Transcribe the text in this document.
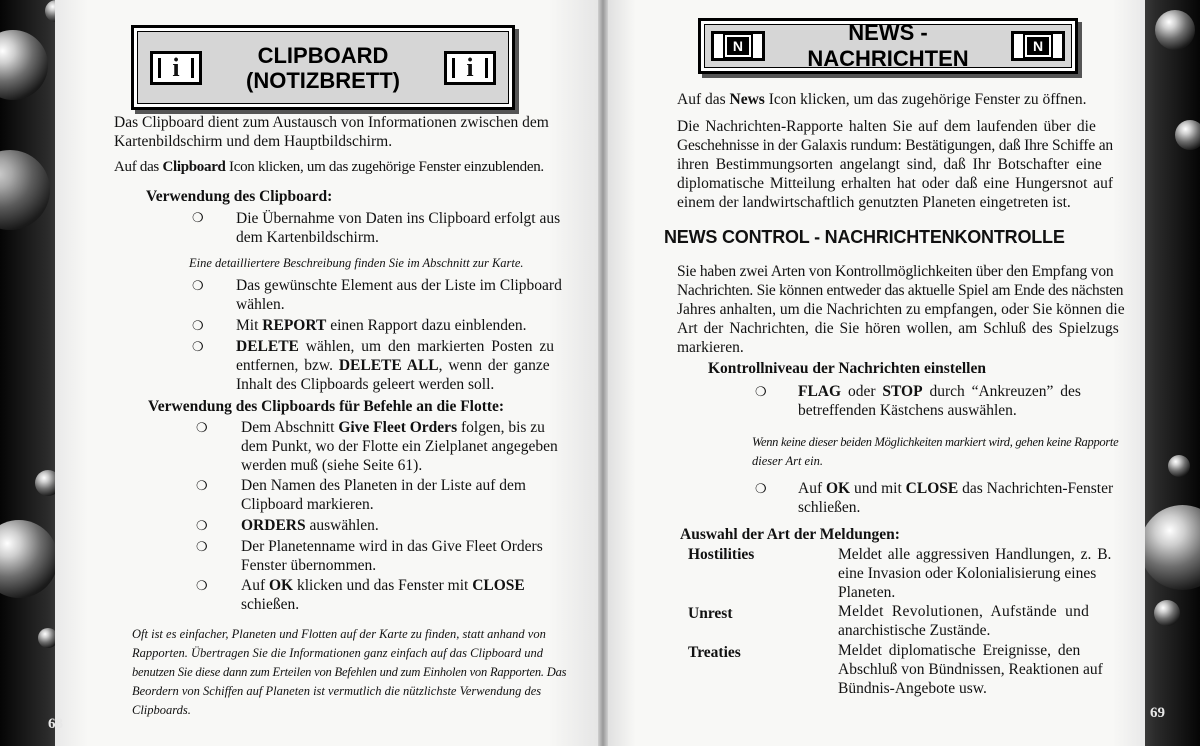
i	CLIPBOARD
(NOTIZBRETT)	i
Das Clipboard dient zum Austausch von Informationen zwischen dem
Kartenbildschirm und dem Hauptbildschirm.
Auf das Clipboard Icon klicken, um das zugehörige Fenster einzublenden.
Verwendung des Clipboard:
❍ Die Übernahme von Daten ins Clipboard erfolgt aus
dem Kartenbildschirm.
Eine detailliertere Beschreibung finden Sie im Abschnitt zur Karte.
❍ Das gewünschte Element aus der Liste im Clipboard
wählen.
❍ Mit REPORT einen Rapport dazu einblenden.
❍ DELETE wählen, um den markierten Posten zu
entfernen, bzw. DELETE ALL, wenn der ganze
Inhalt des Clipboards geleert werden soll.
Verwendung des Clipboards für Befehle an die Flotte:
❍ Dem Abschnitt Give Fleet Orders folgen, bis zu
dem Punkt, wo der Flotte ein Zielplanet angegeben
werden muß (siehe Seite 61).
❍ Den Namen des Planeten in der Liste auf dem
Clipboard markieren.
❍ ORDERS auswählen.
❍ Der Planetenname wird in das Give Fleet Orders
Fenster übernommen.
❍ Auf OK klicken und das Fenster mit CLOSE
schießen.
Oft ist es einfacher, Planeten und Flotten auf der Karte zu finden, statt anhand von
Rapporten. Übertragen Sie die Informationen ganz einfach auf das Clipboard und
benutzen Sie diese dann zum Erteilen von Befehlen und zum Einholen von Rapporten. Das
Beordern von Schiffen auf Planeten ist vermutlich die nützlichste Verwendung des
Clipboards.
68
N
NEWS - NACHRICHTEN	N
Auf das News Icon klicken, um das zugehörige Fenster zu öffnen.
Die Nachrichten-Rapporte halten Sie auf dem laufenden über die
Geschehnisse in der Galaxis rundum: Bestätigungen, daß Ihre Schiffe an
ihren Bestimmungsorten angelangt sind, daß Ihr Botschafter eine
diplomatische Mitteilung erhalten hat oder daß eine Hungersnot auf
einem der landwirtschaftlich genutzten Planeten eingetreten ist.
NEWS CONTROL - NACHRICHTENKONTROLLE
Sie haben zwei Arten von Kontrollmöglichkeiten über den Empfang von
Nachrichten. Sie können entweder das aktuelle Spiel am Ende des nächsten
Jahres anhalten, um die Nachrichten zu empfangen, oder Sie können die
Art der Nachrichten, die Sie hören wollen, am Schluß des Spielzugs
markieren.
Kontrollniveau der Nachrichten einstellen
❍ FLAG oder STOP durch “Ankreuzen” des
betreffenden Kästchens auswählen.
Wenn keine dieser beiden Möglichkeiten markiert wird, gehen keine Rapporte
dieser Art ein.
❍ Auf OK und mit CLOSE das Nachrichten-Fenster
schließen.
Auswahl der Art der Meldungen:
Hostilities	Meldet alle aggressiven Handlungen, z. B.
eine Invasion oder Kolonialisierung eines
Planeten.
Unrest	Meldet Revolutionen, Aufstände und
anarchistische Zustände.
Treaties	Meldet diplomatische Ereignisse, den
Abschluß von Bündnissen, Reaktionen auf
Bündnis-Angebote usw.
69
